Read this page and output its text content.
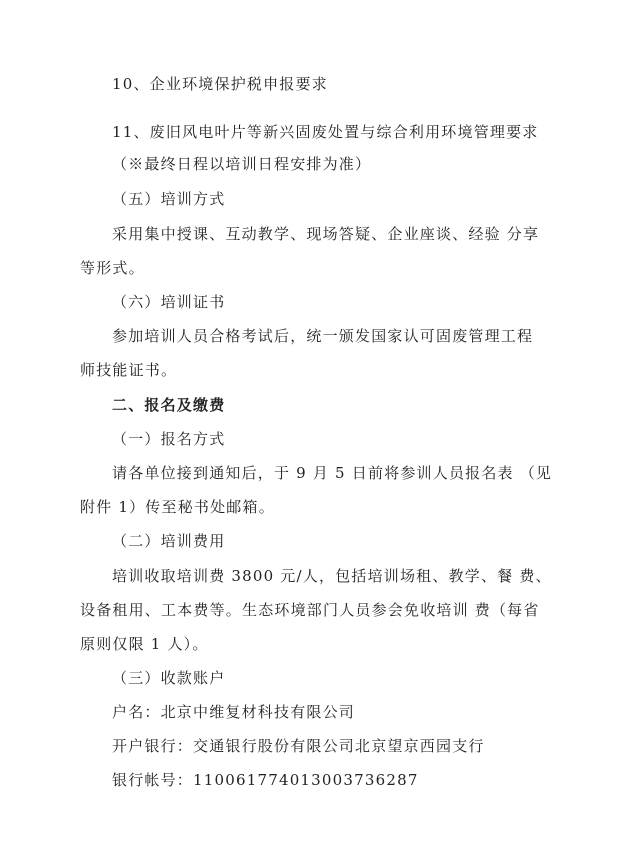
10、企业环境保护税申报要求
11、废旧风电叶片等新兴固废处置与综合利用环境管理要求
（※最终日程以培训日程安排为准）
（五）培训方式
采用集中授课、互动教学、现场答疑、企业座谈、经验 分享
等形式。
（六）培训证书
参加培训人员合格考试后，统一颁发国家认可固废管理工程
师技能证书。
二、报名及缴费
（一）报名方式
请各单位接到通知后，于 9 月 5 日前将参训人员报名表 （见
附件 1）传至秘书处邮箱。
（二）培训费用
培训收取培训费 3800 元/人，包括培训场租、教学、餐 费、
设备租用、工本费等。生态环境部门人员参会免收培训 费（每省
原则仅限 1 人）。
（三）收款账户
户名：北京中维复材科技有限公司
开户银行：交通银行股份有限公司北京望京西园支行
银行帐号：110061774013003736287
